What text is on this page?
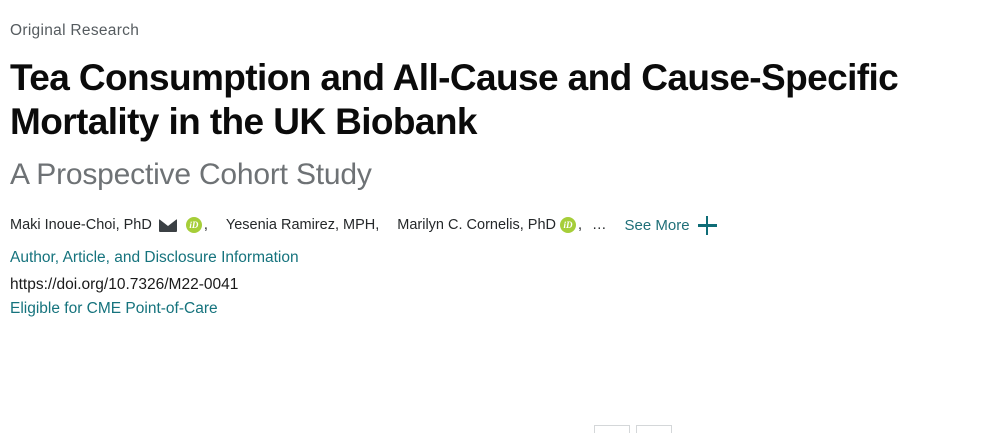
Original Research
Tea Consumption and All-Cause and Cause-Specific Mortality in the UK Biobank
A Prospective Cohort Study
Maki Inoue-Choi, PhD	iD , Yesenia Ramirez, MPH , Marilyn C. Cornelis, PhD iD , … See More
Author, Article, and Disclosure Information
https://doi.org/10.7326/M22-0041
Eligible for CME Point-of-Care
